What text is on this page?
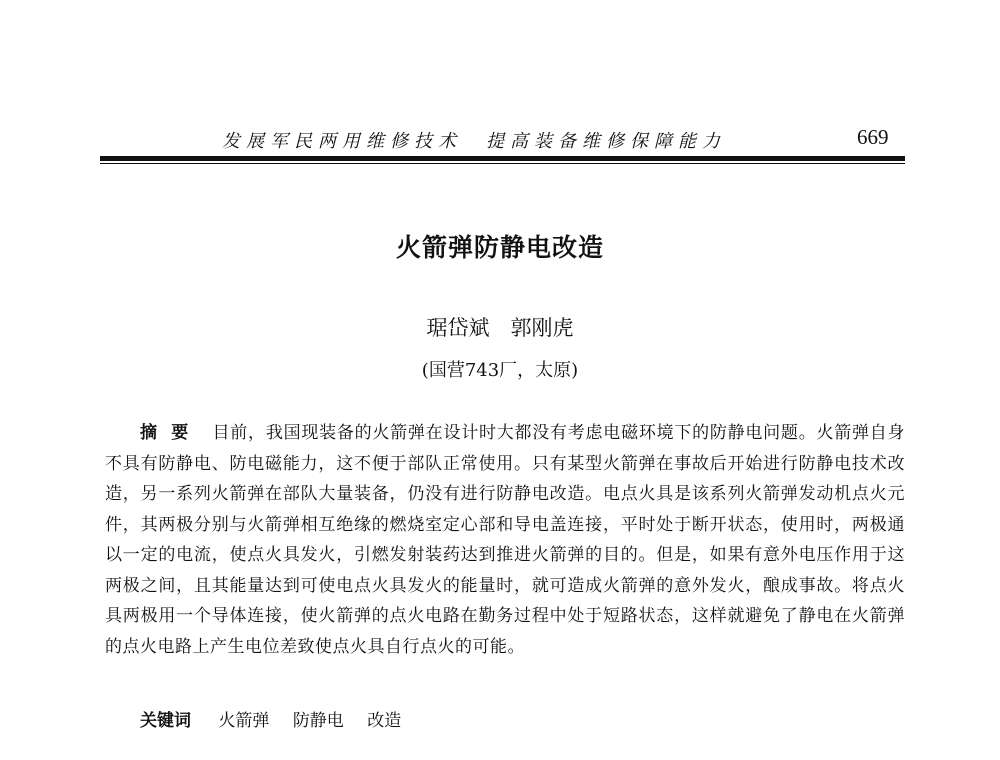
发展军民两用维修技术　提高装备维修保障能力	669
火箭弹防静电改造
琚岱斌　郭刚虎
(国营743厂，太原)
摘要 目前，我国现装备的火箭弹在设计时大都没有考虑电磁环境下的防静电问题。火箭弹自身不具有防静电、防电磁能力，这不便于部队正常使用。只有某型火箭弹在事故后开始进行防静电技术改造，另一系列火箭弹在部队大量装备，仍没有进行防静电改造。电点火具是该系列火箭弹发动机点火元件，其两极分别与火箭弹相互绝缘的燃烧室定心部和导电盖连接，平时处于断开状态，使用时，两极通以一定的电流，使点火具发火，引燃发射装药达到推进火箭弹的目的。但是，如果有意外电压作用于这两极之间，且其能量达到可使电点火具发火的能量时，就可造成火箭弹的意外发火，酿成事故。将点火具两极用一个导体连接，使火箭弹的点火电路在勤务过程中处于短路状态，这样就避免了静电在火箭弹的点火电路上产生电位差致使点火具自行点火的可能。
关键词 火箭弹 防静电 改造
